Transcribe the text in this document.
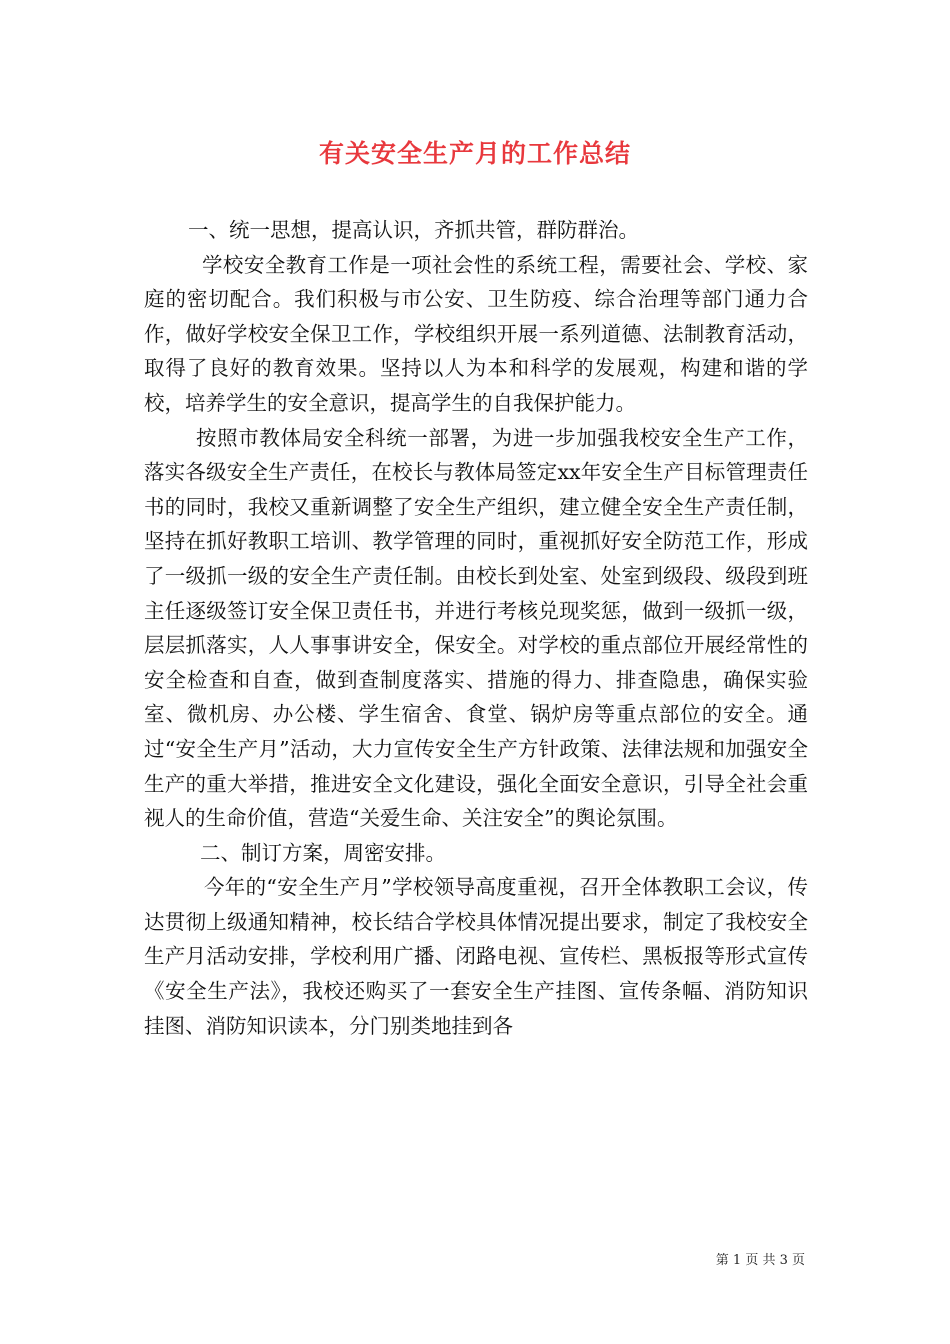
有关安全生产月的工作总结

一、统一思想，提高认识，齐抓共管，群防群治。

学校安全教育工作是一项社会性的系统工程，需要社会、学校、家庭的密切配合。我们积极与市公安、卫生防疫、综合治理等部门通力合作，做好学校安全保卫工作，学校组织开展一系列道德、法制教育活动，取得了良好的教育效果。坚持以人为本和科学的发展观，构建和谐的学校，培养学生的安全意识，提高学生的自我保护能力。

按照市教体局安全科统一部署，为进一步加强我校安全生产工作，落实各级安全生产责任，在校长与教体局签定xx年安全生产目标管理责任书的同时，我校又重新调整了安全生产组织，建立健全安全生产责任制，坚持在抓好教职工培训、教学管理的同时，重视抓好安全防范工作，形成了一级抓一级的安全生产责任制。由校长到处室、处室到级段、级段到班主任逐级签订安全保卫责任书，并进行考核兑现奖惩，做到一级抓一级，层层抓落实，人人事事讲安全，保安全。对学校的重点部位开展经常性的安全检查和自查，做到查制度落实、措施的得力、排查隐患，确保实验室、微机房、办公楼、学生宿舍、食堂、锅炉房等重点部位的安全。通过“安全生产月”活动，大力宣传安全生产方针政策、法律法规和加强安全生产的重大举措，推进安全文化建设，强化全面安全意识，引导全社会重视人的生命价值，营造“关爱生命、关注安全”的舆论氛围。

二、制订方案，周密安排。

今年的“安全生产月”学校领导高度重视，召开全体教职工会议，传达贯彻上级通知精神，校长结合学校具体情况提出要求，制定了我校安全生产月活动安排，学校利用广播、闭路电视、宣传栏、黑板报等形式宣传《安全生产法》，我校还购买了一套安全生产挂图、宣传条幅、消防知识挂图、消防知识读本，分门别类地挂到各

第 1 页 共 3 页
